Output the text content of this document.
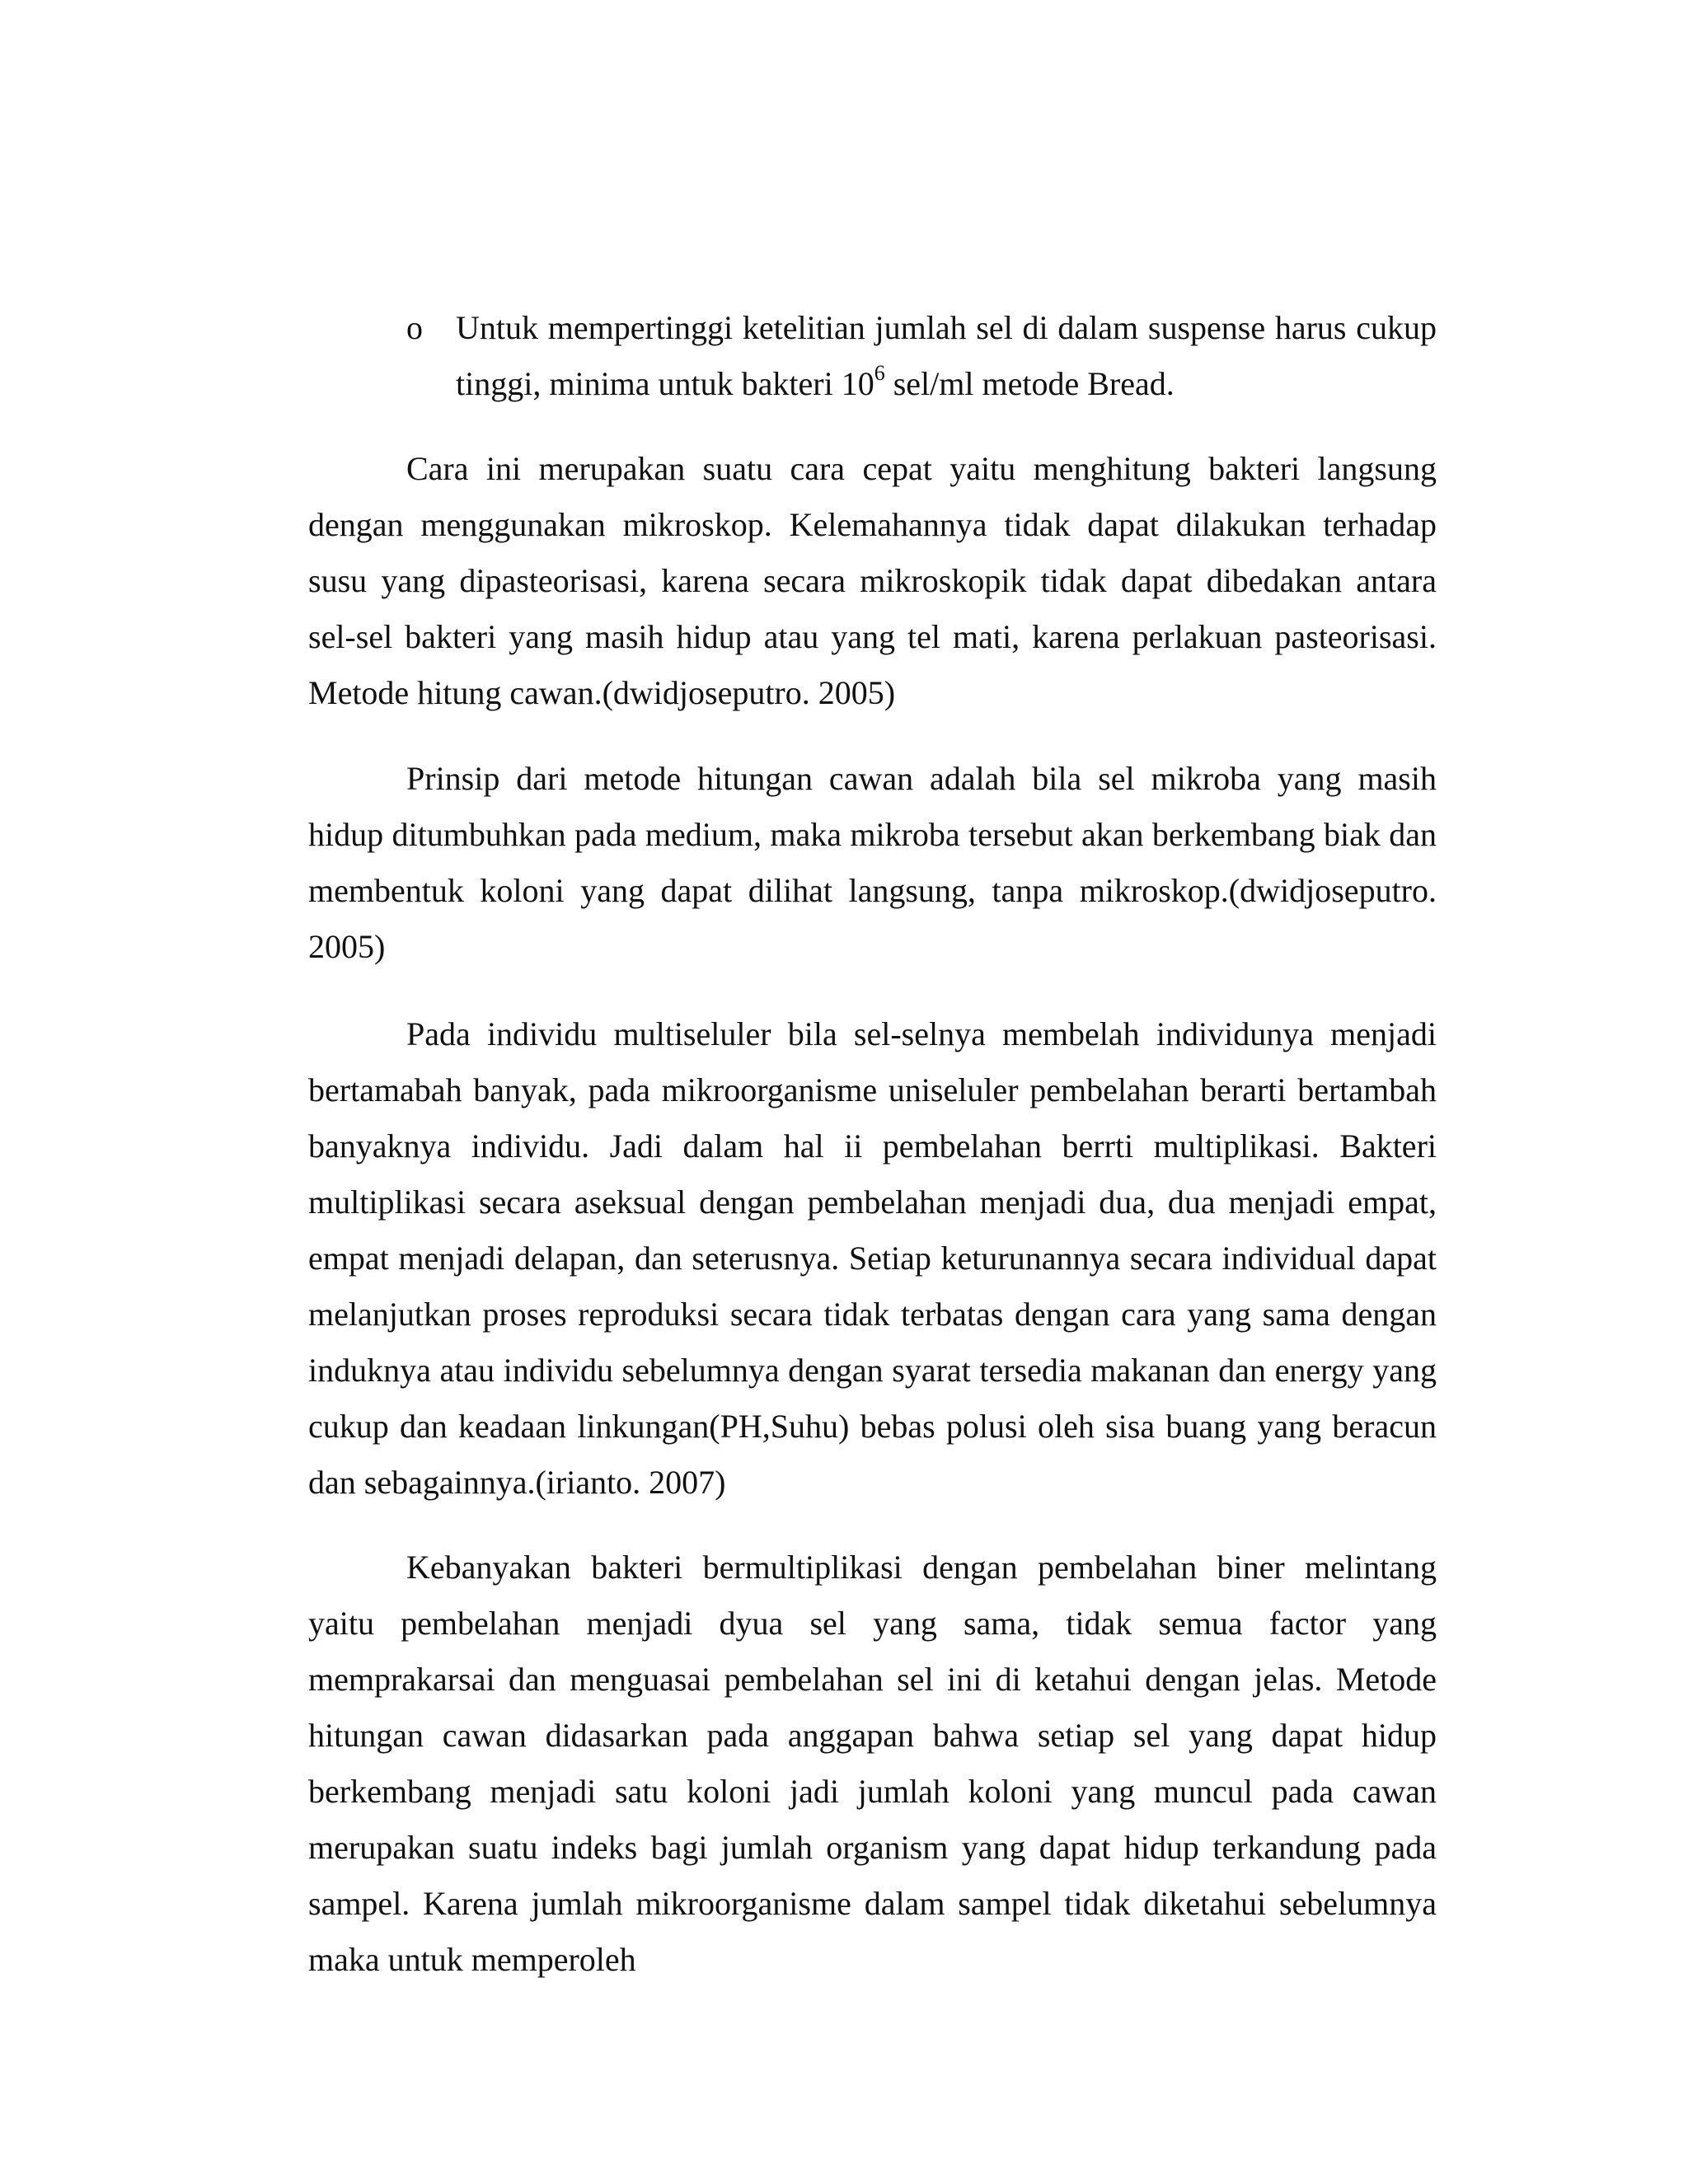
o	Untuk mempertinggi ketelitian jumlah sel di dalam suspense harus cukup
tinggi, minima untuk bakteri $10^6$ sel/ml metode Bread.

Cara ini merupakan suatu cara cepat yaitu menghitung bakteri langsung dengan menggunakan mikroskop. Kelemahannya tidak dapat dilakukan terhadap susu yang dipasteorisasi, karena secara mikroskopik tidak dapat dibedakan antara sel-sel bakteri yang masih hidup atau yang tel mati, karena perlakuan pasteorisasi. Metode hitung cawan.(dwidjoseputro. 2005)

Prinsip dari metode hitungan cawan adalah bila sel mikroba yang masih hidup ditumbuhkan pada medium, maka mikroba tersebut akan berkembang biak dan membentuk koloni yang dapat dilihat langsung, tanpa mikroskop.(dwidjoseputro. 2005)

Pada individu multiseluler bila sel-selnya membelah individunya menjadi bertamabah banyak, pada mikroorganisme uniseluler pembelahan berarti bertambah banyaknya individu. Jadi dalam hal ii pembelahan berrti multiplikasi. Bakteri multiplikasi secara aseksual dengan pembelahan menjadi dua, dua menjadi empat, empat menjadi delapan, dan seterusnya. Setiap keturunannya secara individual dapat melanjutkan proses reproduksi secara tidak terbatas dengan cara yang sama dengan induknya atau individu sebelumnya dengan syarat tersedia makanan dan energy yang cukup dan keadaan linkungan(PH,Suhu) bebas polusi oleh sisa buang yang beracun dan sebagainnya.(irianto. 2007)

Kebanyakan bakteri bermultiplikasi dengan pembelahan biner melintang yaitu pembelahan menjadi dyua sel yang sama, tidak semua factor yang memprakarsai dan menguasai pembelahan sel ini di ketahui dengan jelas. Metode hitungan cawan didasarkan pada anggapan bahwa setiap sel yang dapat hidup berkembang menjadi satu koloni jadi jumlah koloni yang muncul pada cawan merupakan suatu indeks bagi jumlah organism yang dapat hidup terkandung pada sampel. Karena jumlah mikroorganisme dalam sampel tidak diketahui sebelumnya maka untuk memperoleh
